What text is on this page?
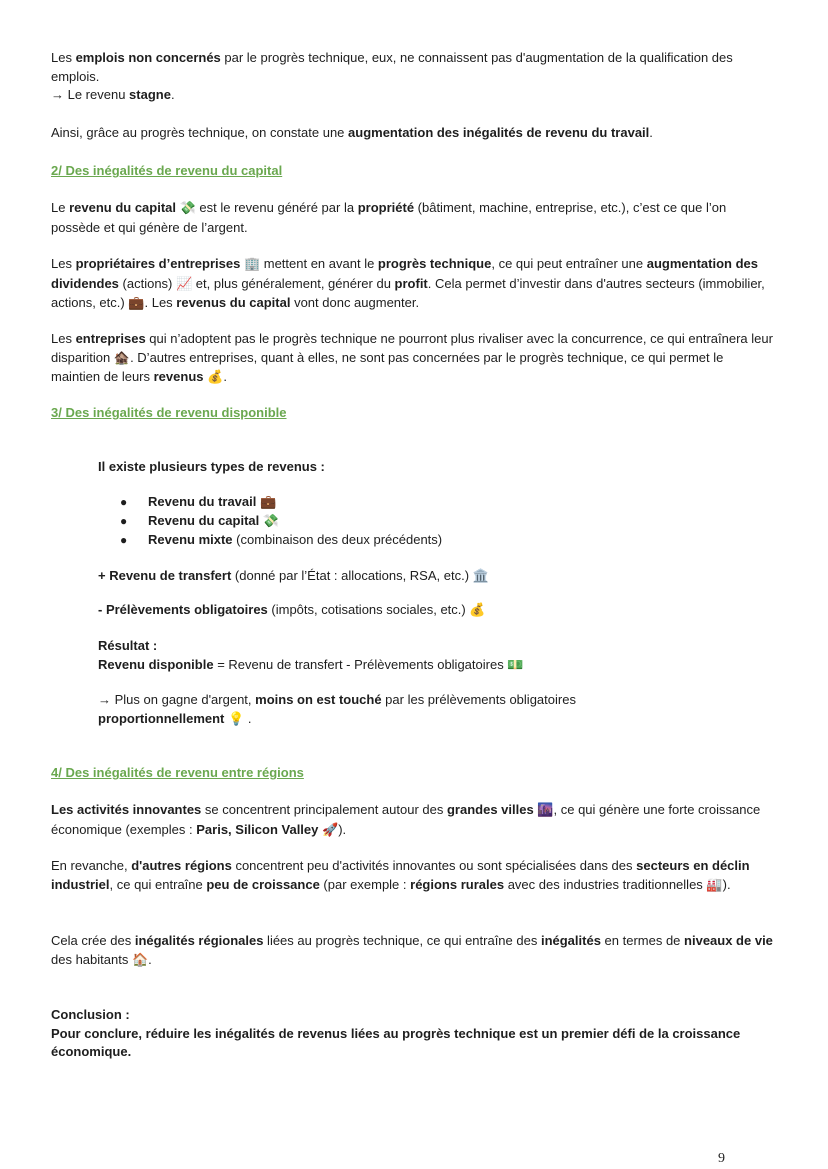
Les emplois non concernés par le progrès technique, eux, ne connaissent pas d'augmentation de la qualification des emplois.
→ Le revenu stagne.

Ainsi, grâce au progrès technique, on constate une augmentation des inégalités de revenu du travail.

2/ Des inégalités de revenu du capital

Le revenu du capital 💸 est le revenu généré par la propriété (bâtiment, machine, entreprise, etc.), c’est ce que l’on possède et qui génère de l’argent.

Les propriétaires d’entreprises 🏢 mettent en avant le progrès technique, ce qui peut entraîner une augmentation des dividendes (actions) 📈 et, plus généralement, générer du profit. Cela permet d’investir dans d'autres secteurs (immobilier, actions, etc.) 💼. Les revenus du capital vont donc augmenter.

Les entreprises qui n’adoptent pas le progrès technique ne pourront plus rivaliser avec la concurrence, ce qui entraînera leur disparition 🏚️. D’autres entreprises, quant à elles, ne sont pas concernées par le progrès technique, ce qui permet le maintien de leurs revenus 💰.

3/ Des inégalités de revenu disponible

Il existe plusieurs types de revenus :

● Revenu du travail 💼
● Revenu du capital 💸
● Revenu mixte (combinaison des deux précédents)

+ Revenu de transfert (donné par l’État : allocations, RSA, etc.) 🏛️

- Prélèvements obligatoires (impôts, cotisations sociales, etc.) 💰

Résultat :
Revenu disponible = Revenu de transfert - Prélèvements obligatoires 💵

→ Plus on gagne d'argent, moins on est touché par les prélèvements obligatoires
proportionnellement 💡 .

4/ Des inégalités de revenu entre régions

Les activités innovantes se concentrent principalement autour des grandes villes 🌆, ce qui génère une forte croissance économique (exemples : Paris, Silicon Valley 🚀).

En revanche, d'autres régions concentrent peu d'activités innovantes ou sont spécialisées dans des secteurs en déclin industriel, ce qui entraîne peu de croissance (par exemple : régions rurales avec des industries traditionnelles 🏭).

Cela crée des inégalités régionales liées au progrès technique, ce qui entraîne des inégalités en termes de niveaux de vie des habitants 🏠.

Conclusion :
Pour conclure, réduire les inégalités de revenus liées au progrès technique est un premier défi de la croissance économique.

9
